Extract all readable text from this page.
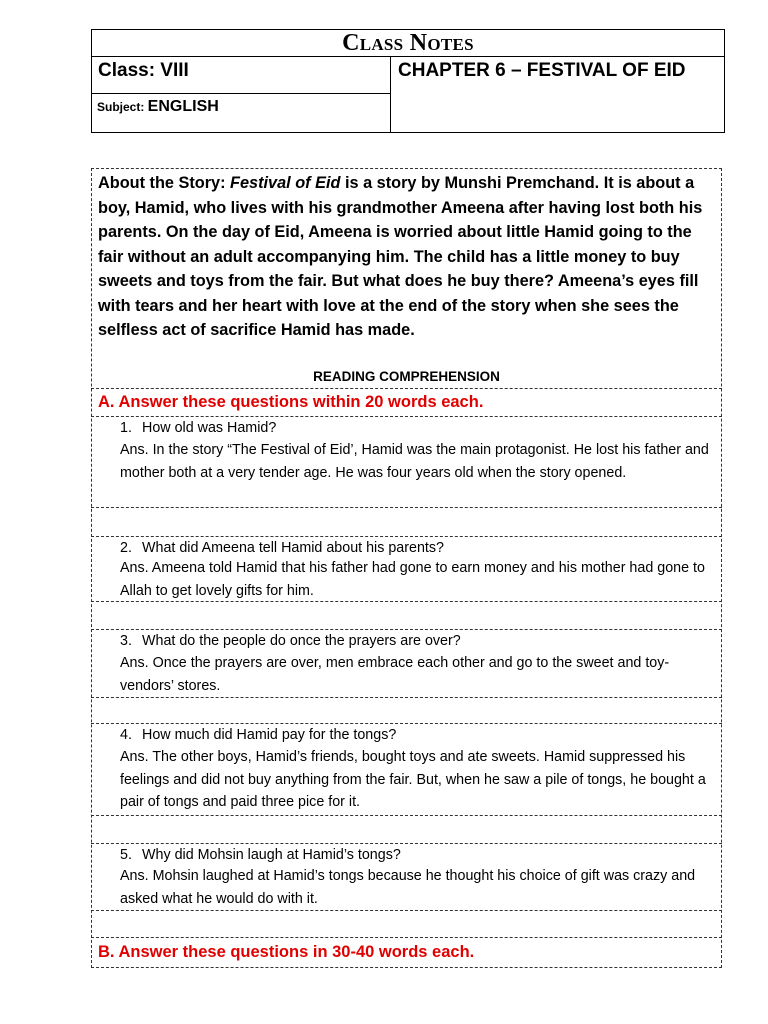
Class Notes
Class: VIII	CHAPTER 6 – FESTIVAL OF EID
Subject: ENGLISH
About the Story: Festival of Eid is a story by Munshi Premchand. It is about a boy, Hamid, who lives with his grandmother Ameena after having lost both his parents. On the day of Eid, Ameena is worried about little Hamid going to the fair without an adult accompanying him. The child has a little money to buy sweets and toys from the fair. But what does he buy there? Ameena’s eyes fill with tears and her heart with love at the end of the story when she sees the selfless act of sacrifice Hamid has made.
READING COMPREHENSION
A. Answer these questions within 20 words each.
1. How old was Hamid?
Ans. In the story “The Festival of Eid’, Hamid was the main protagonist. He lost his father and mother both at a very tender age. He was four years old when the story opened.
2. What did Ameena tell Hamid about his parents?
Ans. Ameena told Hamid that his father had gone to earn money and his mother had gone to Allah to get lovely gifts for him.
3. What do the people do once the prayers are over?
Ans. Once the prayers are over, men embrace each other and go to the sweet and toy-vendors’ stores.
4. How much did Hamid pay for the tongs?
Ans. The other boys, Hamid’s friends, bought toys and ate sweets. Hamid suppressed his feelings and did not buy anything from the fair. But, when he saw a pile of tongs, he bought a pair of tongs and paid three pice for it.
5. Why did Mohsin laugh at Hamid’s tongs?
Ans. Mohsin laughed at Hamid’s tongs because he thought his choice of gift was crazy and asked what he would do with it.
B. Answer these questions in 30-40 words each.
